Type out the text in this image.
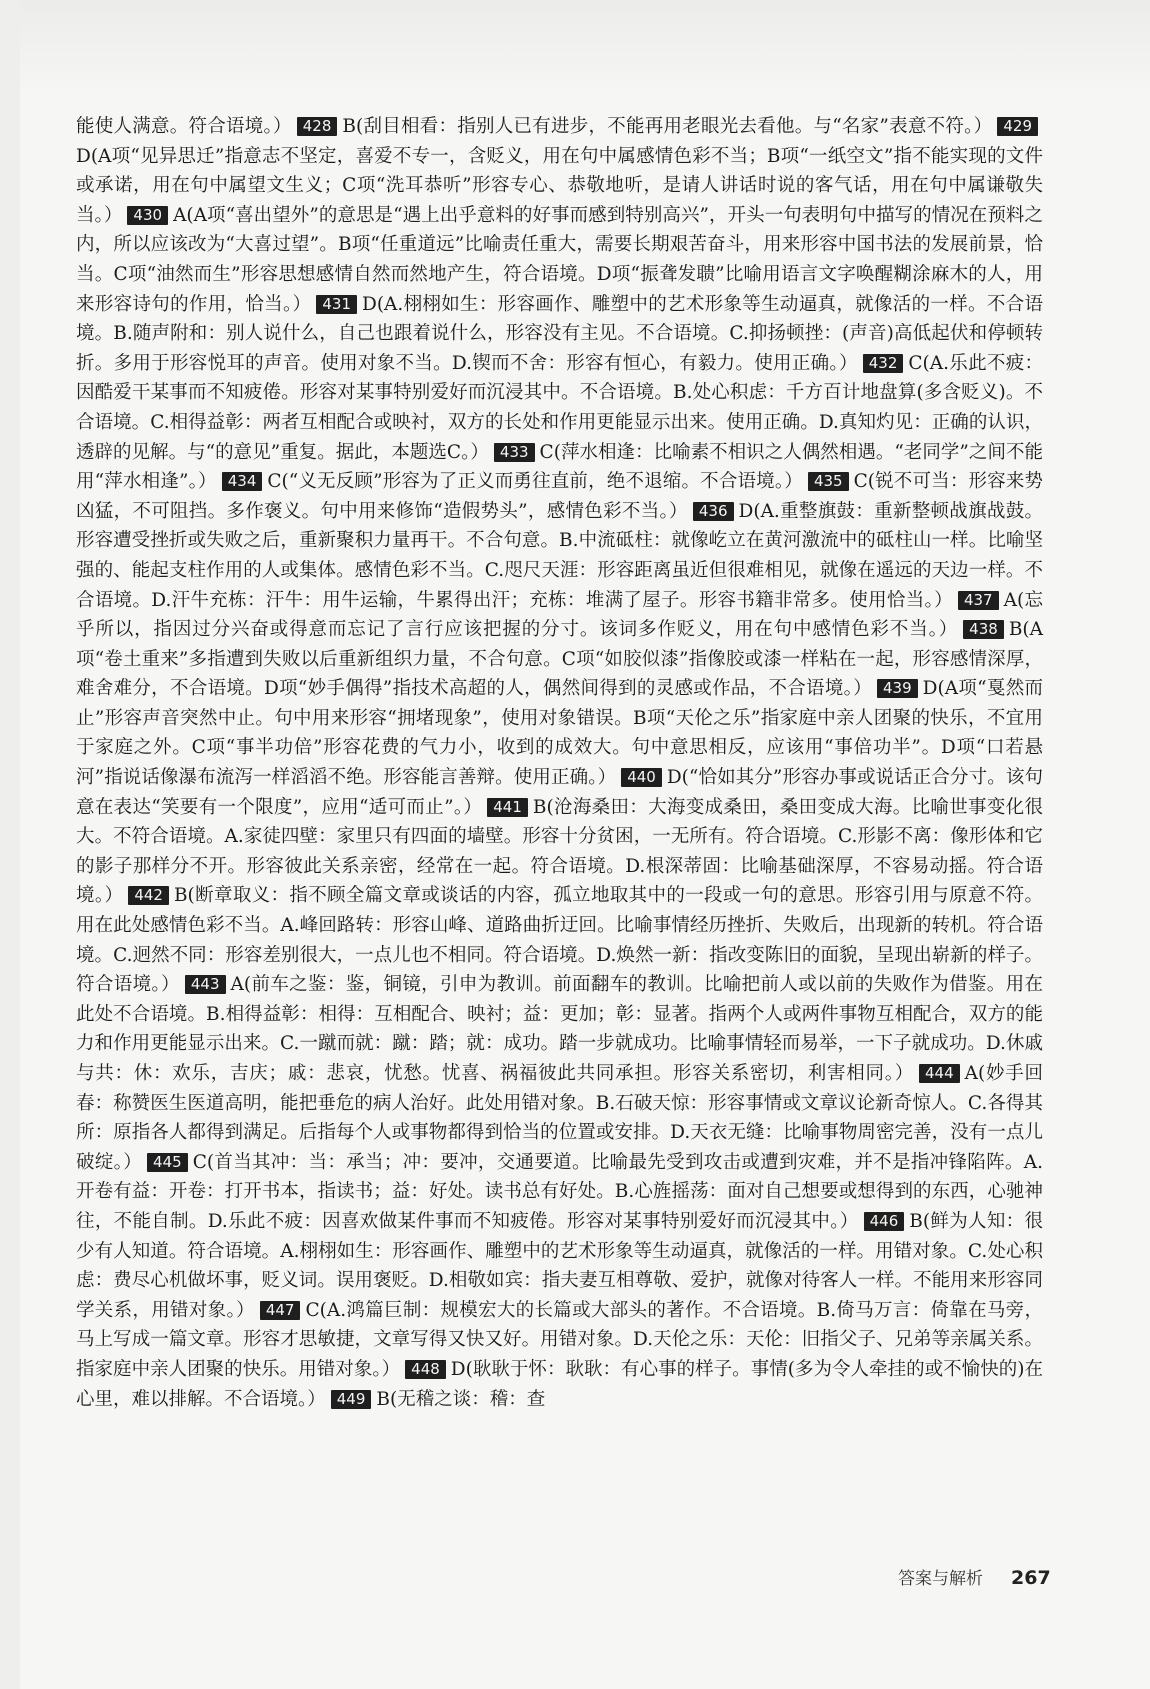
能使人满意。符合语境。） 428 B(刮目相看：指别人已有进步，不能再用老眼光去看他。与“名家”表意不符。） 429D(A项“见异思迁”指意志不坚定，喜爱不专一，含贬义，用在句中属感情色彩不当；B项“一纸空文”指不能实现的文件或承诺，用在句中属望文生义；C项“洗耳恭听”形容专心、恭敬地听，是请人讲话时说的客气话，用在句中属谦敬失当。） 430 A(A项“喜出望外”的意思是“遇上出乎意料的好事而感到特别高兴”，开头一句表明句中描写的情况在预料之内，所以应该改为“大喜过望”。B项“任重道远”比喻责任重大，需要长期艰苦奋斗，用来形容中国书法的发展前景，恰当。C项“油然而生”形容思想感情自然而然地产生，符合语境。D项“振聋发聩”比喻用语言文字唤醒糊涂麻木的人，用来形容诗句的作用，恰当。） 431 D(A.栩栩如生：形容画作、雕塑中的艺术形象等生动逼真，就像活的一样。不合语境。B.随声附和：别人说什么，自己也跟着说什么，形容没有主见。不合语境。C.抑扬顿挫：(声音)高低起伏和停顿转折。多用于形容悦耳的声音。使用对象不当。D.锲而不舍：形容有恒心，有毅力。使用正确。） 432 C(A.乐此不疲：因酷爱干某事而不知疲倦。形容对某事特别爱好而沉浸其中。不合语境。B.处心积虑：千方百计地盘算(多含贬义)。不合语境。C.相得益彰：两者互相配合或映衬，双方的长处和作用更能显示出来。使用正确。D.真知灼见：正确的认识，透辟的见解。与“的意见”重复。据此，本题选C。） 433 C(萍水相逢：比喻素不相识之人偶然相遇。“老同学”之间不能用“萍水相逢”。） 434 C(“义无反顾”形容为了正义而勇往直前，绝不退缩。不合语境。） 435 C(锐不可当：形容来势凶猛，不可阻挡。多作褒义。句中用来修饰“造假势头”，感情色彩不当。） 436 D(A.重整旗鼓：重新整顿战旗战鼓。形容遭受挫折或失败之后，重新聚积力量再干。不合句意。B.中流砥柱：就像屹立在黄河激流中的砥柱山一样。比喻坚强的、能起支柱作用的人或集体。感情色彩不当。C.咫尺天涯：形容距离虽近但很难相见，就像在遥远的天边一样。不合语境。D.汗牛充栋：汗牛：用牛运输，牛累得出汗；充栋：堆满了屋子。形容书籍非常多。使用恰当。） 437 A(忘乎所以，指因过分兴奋或得意而忘记了言行应该把握的分寸。该词多作贬义，用在句中感情色彩不当。） 438 B(A项“卷土重来”多指遭到失败以后重新组织力量，不合句意。C项“如胶似漆”指像胶或漆一样粘在一起，形容感情深厚，难舍难分，不合语境。D项“妙手偶得”指技术高超的人，偶然间得到的灵感或作品，不合语境。） 439 D(A项“戛然而止”形容声音突然中止。句中用来形容“拥堵现象”，使用对象错误。B项“天伦之乐”指家庭中亲人团聚的快乐，不宜用于家庭之外。C项“事半功倍”形容花费的气力小，收到的成效大。句中意思相反，应该用“事倍功半”。D项“口若悬河”指说话像瀑布流泻一样滔滔不绝。形容能言善辩。使用正确。） 440 D(“恰如其分”形容办事或说话正合分寸。该句意在表达“笑要有一个限度”，应用“适可而止”。） 441 B(沧海桑田：大海变成桑田，桑田变成大海。比喻世事变化很大。不符合语境。A.家徒四壁：家里只有四面的墙壁。形容十分贫困，一无所有。符合语境。C.形影不离：像形体和它的影子那样分不开。形容彼此关系亲密，经常在一起。符合语境。D.根深蒂固：比喻基础深厚，不容易动摇。符合语境。） 442 B(断章取义：指不顾全篇文章或谈话的内容，孤立地取其中的一段或一句的意思。形容引用与原意不符。用在此处感情色彩不当。A.峰回路转：形容山峰、道路曲折迂回。比喻事情经历挫折、失败后，出现新的转机。符合语境。C.迥然不同：形容差别很大，一点儿也不相同。符合语境。D.焕然一新：指改变陈旧的面貌，呈现出崭新的样子。符合语境。） 443 A(前车之鉴：鉴，铜镜，引申为教训。前面翻车的教训。比喻把前人或以前的失败作为借鉴。用在此处不合语境。B.相得益彰：相得：互相配合、映衬；益：更加；彰：显著。指两个人或两件事物互相配合，双方的能力和作用更能显示出来。C.一蹴而就：蹴：踏；就：成功。踏一步就成功。比喻事情轻而易举，一下子就成功。D.休戚与共：休：欢乐，吉庆；戚：悲哀，忧愁。忧喜、祸福彼此共同承担。形容关系密切，利害相同。） 444 A(妙手回春：称赞医生医道高明，能把垂危的病人治好。此处用错对象。B.石破天惊：形容事情或文章议论新奇惊人。C.各得其所：原指各人都得到满足。后指每个人或事物都得到恰当的位置或安排。D.天衣无缝：比喻事物周密完善，没有一点儿破绽。） 445 C(首当其冲：当：承当；冲：要冲，交通要道。比喻最先受到攻击或遭到灾难，并不是指冲锋陷阵。A.开卷有益：开卷：打开书本，指读书；益：好处。读书总有好处。B.心旌摇荡：面对自己想要或想得到的东西，心驰神往，不能自制。D.乐此不疲：因喜欢做某件事而不知疲倦。形容对某事特别爱好而沉浸其中。） 446 B(鲜为人知：很少有人知道。符合语境。A.栩栩如生：形容画作、雕塑中的艺术形象等生动逼真，就像活的一样。用错对象。C.处心积虑：费尽心机做坏事，贬义词。误用褒贬。D.相敬如宾：指夫妻互相尊敬、爱护，就像对待客人一样。不能用来形容同学关系，用错对象。） 447 C(A.鸿篇巨制：规模宏大的长篇或大部头的著作。不合语境。B.倚马万言：倚靠在马旁，马上写成一篇文章。形容才思敏捷，文章写得又快又好。用错对象。D.天伦之乐：天伦：旧指父子、兄弟等亲属关系。指家庭中亲人团聚的快乐。用错对象。） 448 D(耿耿于怀：耿耿：有心事的样子。事情(多为令人牵挂的或不愉快的)在心里，难以排解。不合语境。） 449 B(无稽之谈：稽：查
答案与解析 267
